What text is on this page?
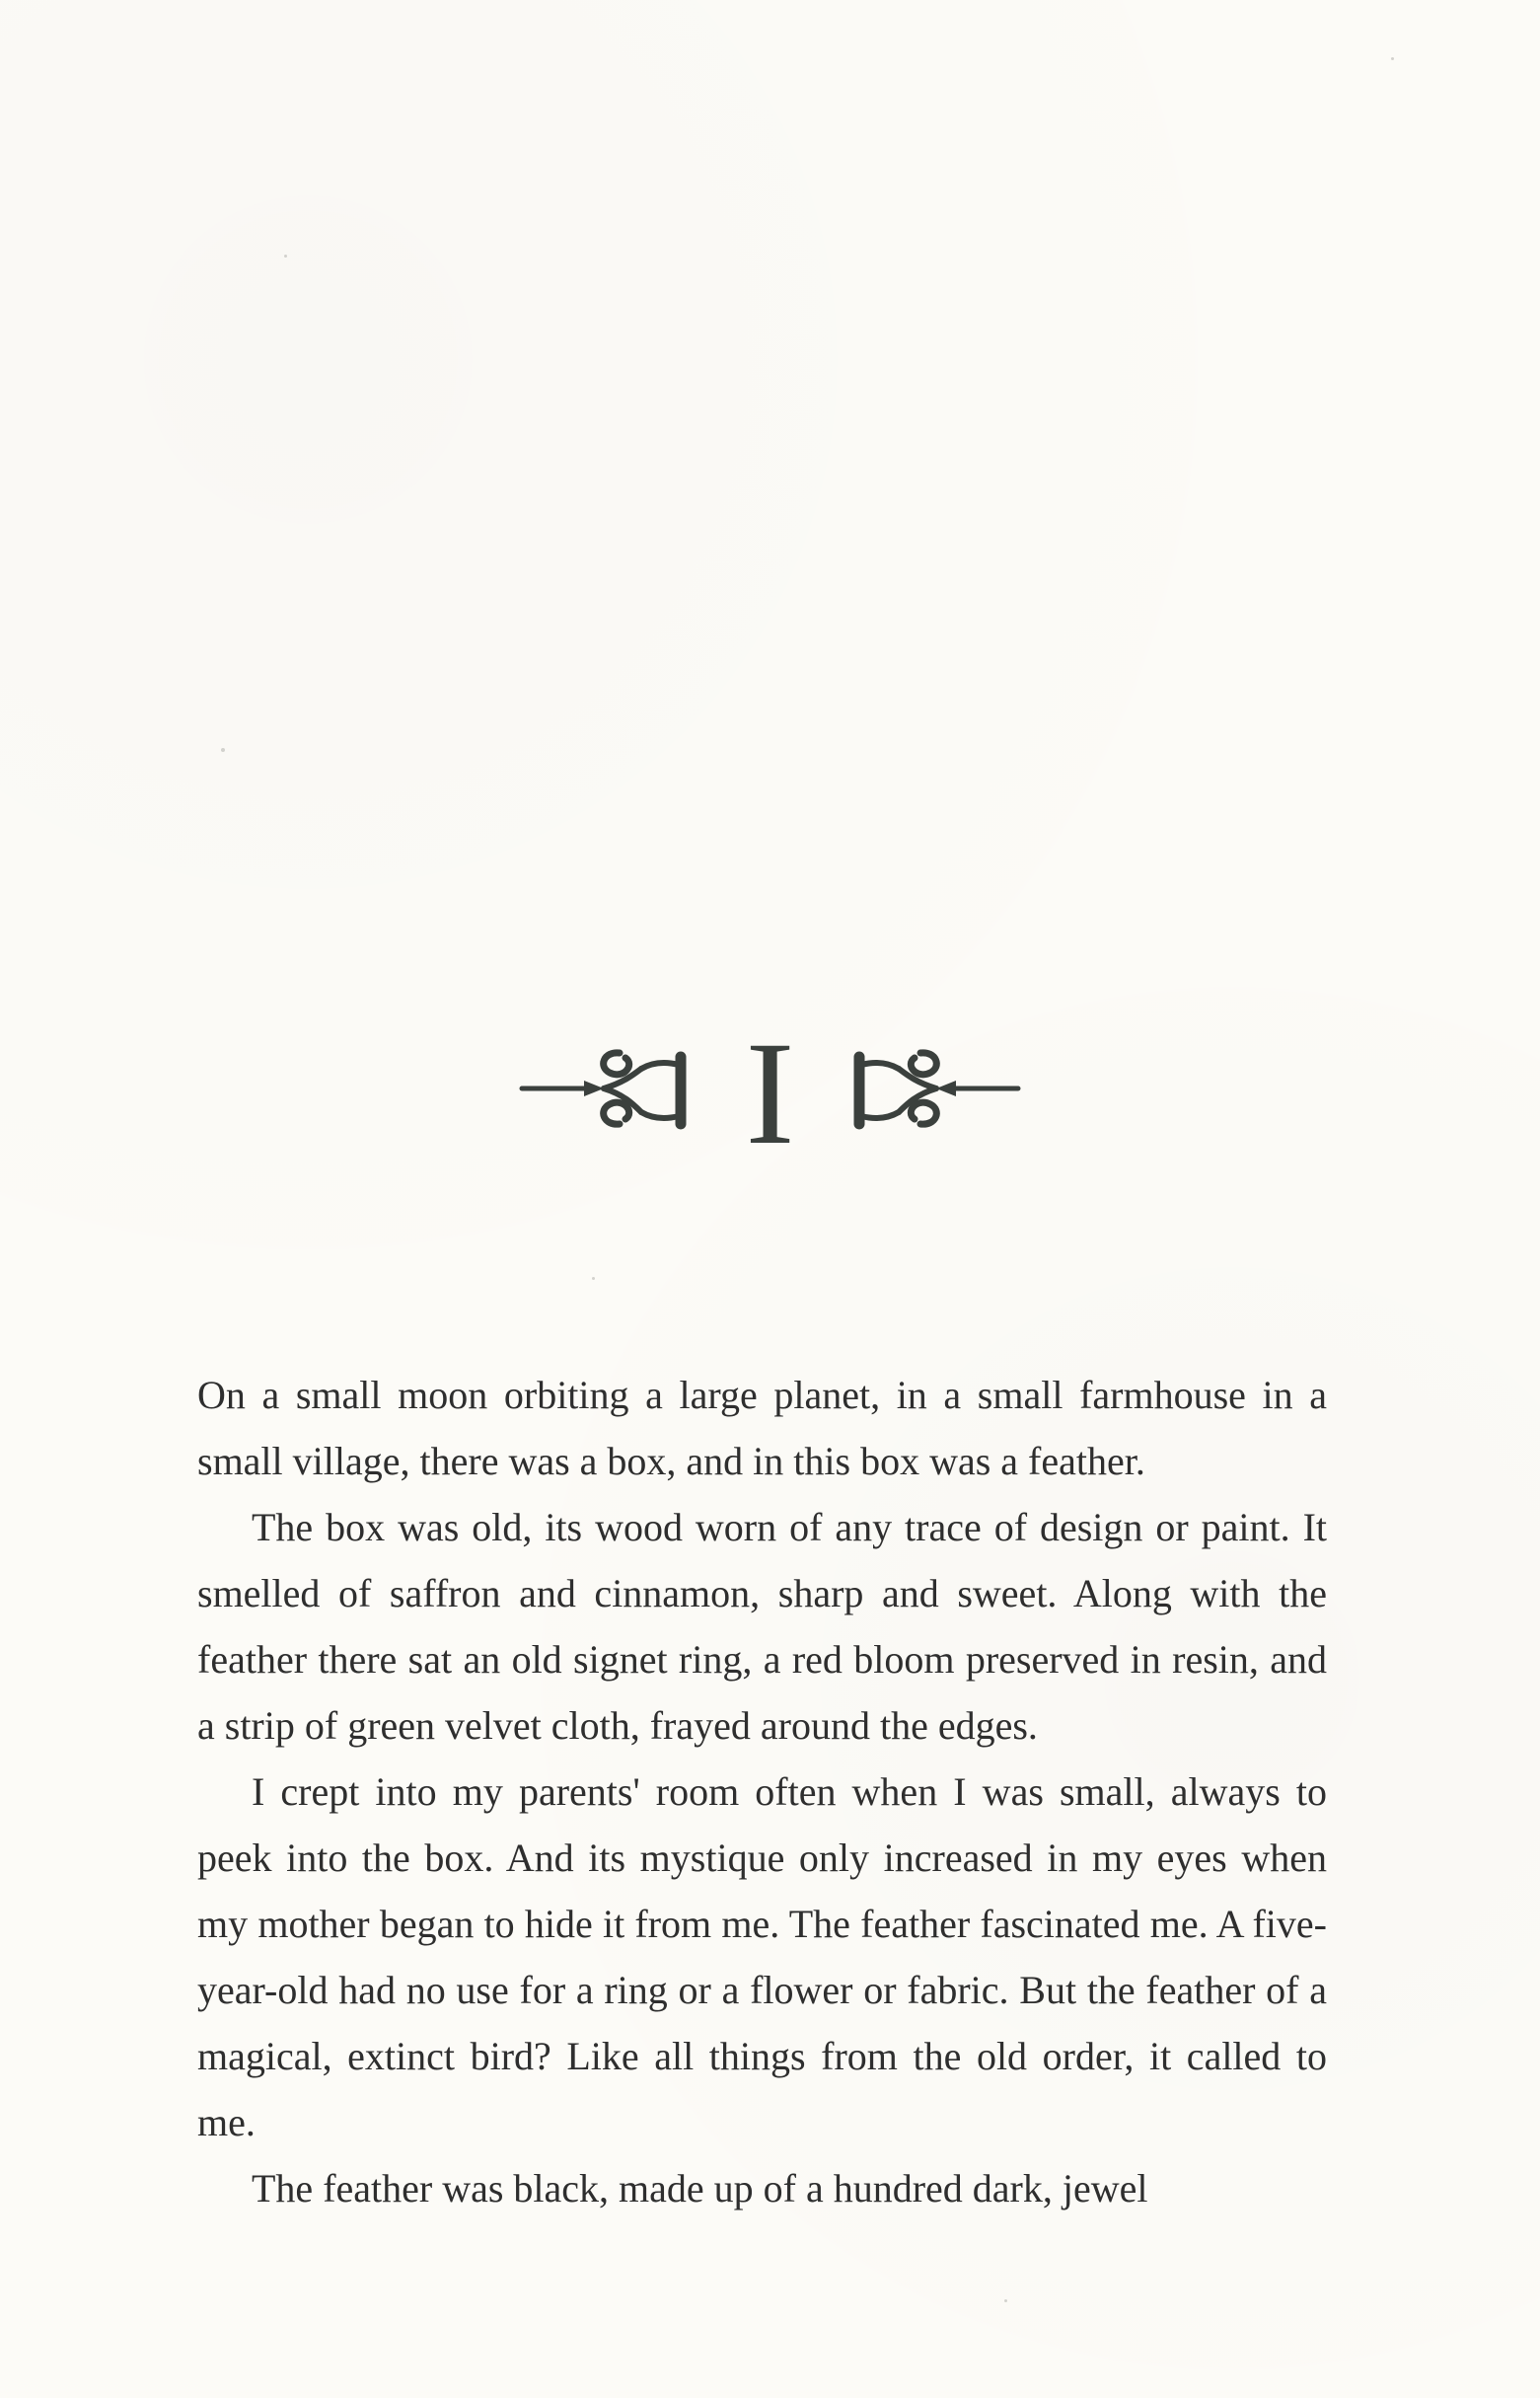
I

On a small moon orbiting a large planet, in a small farmhouse in a small village, there was a box, and in this box was a feather.

The box was old, its wood worn of any trace of design or paint. It smelled of saffron and cinnamon, sharp and sweet. Along with the feather there sat an old signet ring, a red bloom preserved in resin, and a strip of green velvet cloth, frayed around the edges.

I crept into my parents' room often when I was small, always to peek into the box. And its mystique only increased in my eyes when my mother began to hide it from me. The feather fascinated me. A five-year-old had no use for a ring or a flower or fabric. But the feather of a magical, extinct bird? Like all things from the old order, it called to me.

The feather was black, made up of a hundred dark, jewel
